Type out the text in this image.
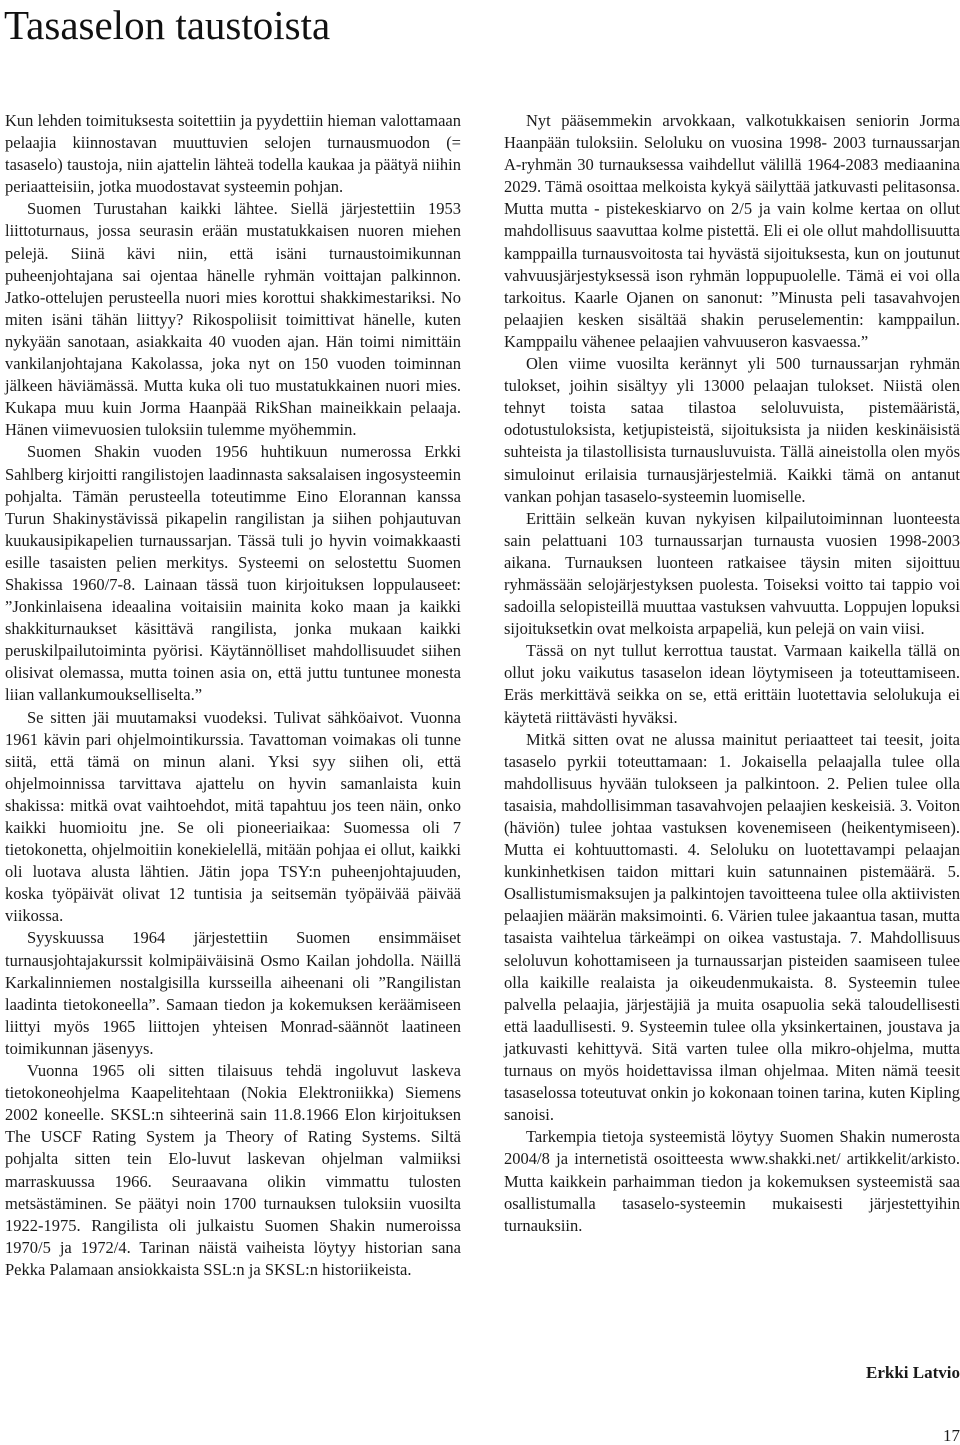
Tasaselon taustoista

Kun lehden toimituksesta soitettiin ja pyydettiin hieman valottamaan pelaajia kiinnostavan muuttuvien selojen turnausmuodon (= tasaselo) taustoja, niin ajattelin lähteä todella kaukaa ja päätyä niihin periaatteisiin, jotka muodostavat systeemin pohjan.

Suomen Turustahan kaikki lähtee. Siellä järjestettiin 1953 liittoturnaus, jossa seurasin erään mustatukkaisen nuoren miehen pelejä. Siinä kävi niin, että isäni turnaustoimikunnan puheenjohtajana sai ojentaa hänelle ryhmän voittajan palkinnon. Jatko-ottelujen perusteella nuori mies korottui shakkimestariksi. No miten isäni tähän liittyy? Rikospoliisit toimittivat hänelle, kuten nykyään sanotaan, asiakkaita 40 vuoden ajan. Hän toimi nimittäin vankilanjohtajana Kakolassa, joka nyt on 150 vuoden toiminnan jälkeen häviämässä. Mutta kuka oli tuo mustatukkainen nuori mies. Kukapa muu kuin Jorma Haanpää RikShan maineikkain pelaaja. Hänen viimevuosien tuloksiin tulemme myöhemmin.

Suomen Shakin vuoden 1956 huhtikuun numerossa Erkki Sahlberg kirjoitti rangilistojen laadinnasta saksalaisen ingosysteemin pohjalta. Tämän perusteella toteutimme Eino Elorannan kanssa Turun Shakinystävissä pikapelin rangilistan ja siihen pohjautuvan kuukausipikapelien turnaussarjan. Tässä tuli jo hyvin voimakkaasti esille tasaisten pelien merkitys. Systeemi on selostettu Suomen Shakissa 1960/7-8. Lainaan tässä tuon kirjoituksen loppulauseet: ”Jonkinlaisena ideaalina voitaisiin mainita koko maan ja kaikki shakkiturnaukset käsittävä rangilista, jonka mukaan kaikki peruskilpailutoiminta pyörisi. Käytännölliset mahdollisuudet siihen olisivat olemassa, mutta toinen asia on, että juttu tuntunee monesta liian vallankumoukselliselta.”

Se sitten jäi muutamaksi vuodeksi. Tulivat sähköaivot. Vuonna 1961 kävin pari ohjelmointikurssia. Tavattoman voimakas oli tunne siitä, että tämä on minun alani. Yksi syy siihen oli, että ohjelmoinnissa tarvittava ajattelu on hyvin samanlaista kuin shakissa: mitkä ovat vaihtoehdot, mitä tapahtuu jos teen näin, onko kaikki huomioitu jne. Se oli pioneeriaikaa: Suomessa oli 7 tietokonetta, ohjelmoitiin konekielellä, mitään pohjaa ei ollut, kaikki oli luotava alusta lähtien. Jätin jopa TSY:n puheenjohtajuuden, koska työpäivät olivat 12 tuntisia ja seitsemän työpäivää päivää viikossa.

Syyskuussa 1964 järjestettiin Suomen ensimmäiset turnausjohtajakurssit kolmipäiväisinä Osmo Kailan johdolla. Näillä Karkalinniemen nostalgisilla kursseilla aiheenani oli ”Rangilistan laadinta tietokoneella”. Samaan tiedon ja kokemuksen keräämiseen liittyi myös 1965 liittojen yhteisen Monrad-säännöt laatineen toimikunnan jäsenyys.

Vuonna 1965 oli sitten tilaisuus tehdä ingoluvut laskeva tietokoneohjelma Kaapelitehtaan (Nokia Elektroniikka) Siemens 2002 koneelle. SKSL:n sihteerinä sain 11.8.1966 Elon kirjoituksen The USCF Rating System ja Theory of Rating Systems. Siltä pohjalta sitten tein Elo-luvut laskevan ohjelman valmiiksi marraskuussa 1966. Seuraavana olikin vimmattu tulosten metsästäminen. Se päätyi noin 1700 turnauksen tuloksiin vuosilta 1922-1975. Rangilista oli julkaistu Suomen Shakin numeroissa 1970/5 ja 1972/4. Tarinan näistä vaiheista löytyy historian sana Pekka Palamaan ansiokkaista SSL:n ja SKSL:n historiikeista.

Nyt pääsemmekin arvokkaan, valkotukkaisen seniorin Jorma Haanpään tuloksiin. Seloluku on vuosina 1998- 2003 turnaussarjan A-ryhmän 30 turnauksessa vaihdellut välillä 1964-2083 mediaanina 2029. Tämä osoittaa melkoista kykyä säilyttää jatkuvasti pelitasonsa. Mutta mutta - pistekeskiarvo on 2/5 ja vain kolme kertaa on ollut mahdollisuus saavuttaa kolme pistettä. Eli ei ole ollut mahdollisuutta kamppailla turnausvoitosta tai hyvästä sijoituksesta, kun on joutunut vahvuusjärjestyksessä ison ryhmän loppupuolelle. Tämä ei voi olla tarkoitus. Kaarle Ojanen on sanonut: ”Minusta peli tasavahvojen pelaajien kesken sisältää shakin peruselementin: kamppailun. Kamppailu vähenee pelaajien vahvuuseron kasvaessa.”

Olen viime vuosilta kerännyt yli 500 turnaussarjan ryhmän tulokset, joihin sisältyy yli 13000 pelaajan tulokset. Niistä olen tehnyt toista sataa tilastoa seloluvuista, pistemääristä, odotustuloksista, ketjupisteistä, sijoituksista ja niiden keskinäisistä suhteista ja tilastollisista turnausluvuista. Tällä aineistolla olen myös simuloinut erilaisia turnausjärjestelmiä. Kaikki tämä on antanut vankan pohjan tasaselo-systeemin luomiselle.

Erittäin selkeän kuvan nykyisen kilpailutoiminnan luonteesta sain pelattuani 103 turnaussarjan turnausta vuosien 1998-2003 aikana. Turnauksen luonteen ratkaisee täysin miten sijoittuu ryhmässään selojärjestyksen puolesta. Toiseksi voitto tai tappio voi sadoilla selopisteillä muuttaa vastuksen vahvuutta. Loppujen lopuksi sijoituksetkin ovat melkoista arpapeliä, kun pelejä on vain viisi.

Tässä on nyt tullut kerrottua taustat. Varmaan kaikella tällä on ollut joku vaikutus tasaselon idean löytymiseen ja toteuttamiseen. Eräs merkittävä seikka on se, että erittäin luotettavia selolukuja ei käytetä riittävästi hyväksi.

Mitkä sitten ovat ne alussa mainitut periaatteet tai teesit, joita tasaselo pyrkii toteuttamaan: 1. Jokaisella pelaajalla tulee olla mahdollisuus hyvään tulokseen ja palkintoon. 2. Pelien tulee olla tasaisia, mahdollisimman tasavahvojen pelaajien keskeisiä. 3. Voiton (häviön) tulee johtaa vastuksen kovenemiseen (heikentymiseen). Mutta ei kohtuuttomasti. 4. Seloluku on luotettavampi pelaajan kunkinhetkisen taidon mittari kuin satunnainen pistemäärä. 5. Osallistumismaksujen ja palkintojen tavoitteena tulee olla aktiivisten pelaajien määrän maksimointi. 6. Värien tulee jakaantua tasan, mutta tasaista vaihtelua tärkeämpi on oikea vastustaja. 7. Mahdollisuus seloluvun kohottamiseen ja turnaussarjan pisteiden saamiseen tulee olla kaikille realaista ja oikeudenmukaista. 8. Systeemin tulee palvella pelaajia, järjestäjiä ja muita osapuolia sekä taloudellisesti että laadullisesti. 9. Systeemin tulee olla yksinkertainen, joustava ja jatkuvasti kehittyvä. Sitä varten tulee olla mikro-ohjelma, mutta turnaus on myös hoidettavissa ilman ohjelmaa. Miten nämä teesit tasaselossa toteutuvat onkin jo kokonaan toinen tarina, kuten Kipling sanoisi.

Tarkempia tietoja systeemistä löytyy Suomen Shakin numerosta 2004/8 ja internetistä osoitteesta www.shakki.net/ artikkelit/arkisto. Mutta kaikkein parhaimman tiedon ja kokemuksen systeemistä saa osallistumalla tasaselo-systeemin mukaisesti järjestettyihin turnauksiin.

Erkki Latvio
17
